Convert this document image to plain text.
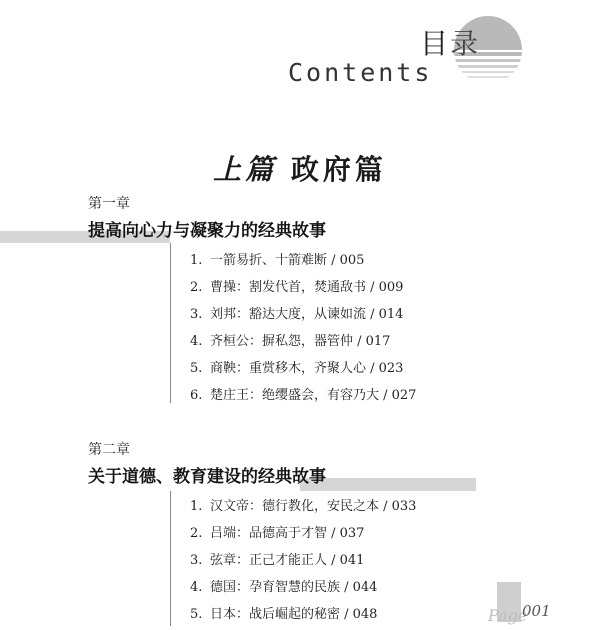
目录
Contents
上篇 政府篇
第一章
提高向心力与凝聚力的经典故事
1. 一箭易折、十箭难断 / 005
2. 曹操：割发代首，焚通敌书 / 009
3. 刘邦：豁达大度，从谏如流 / 014
4. 齐桓公：摒私怨，器管仲 / 017
5. 商鞅：重赏移木，齐聚人心 / 023
6. 楚庄王：绝缨盛会，有容乃大 / 027
第二章
关于道德、教育建设的经典故事
1. 汉文帝：德行教化，安民之本 / 033
2. 吕端：品德高于才智 / 037
3. 弦章：正己才能正人 / 041
4. 德国：孕育智慧的民族 / 044
5. 日本：战后崛起的秘密 / 048	Page
001
